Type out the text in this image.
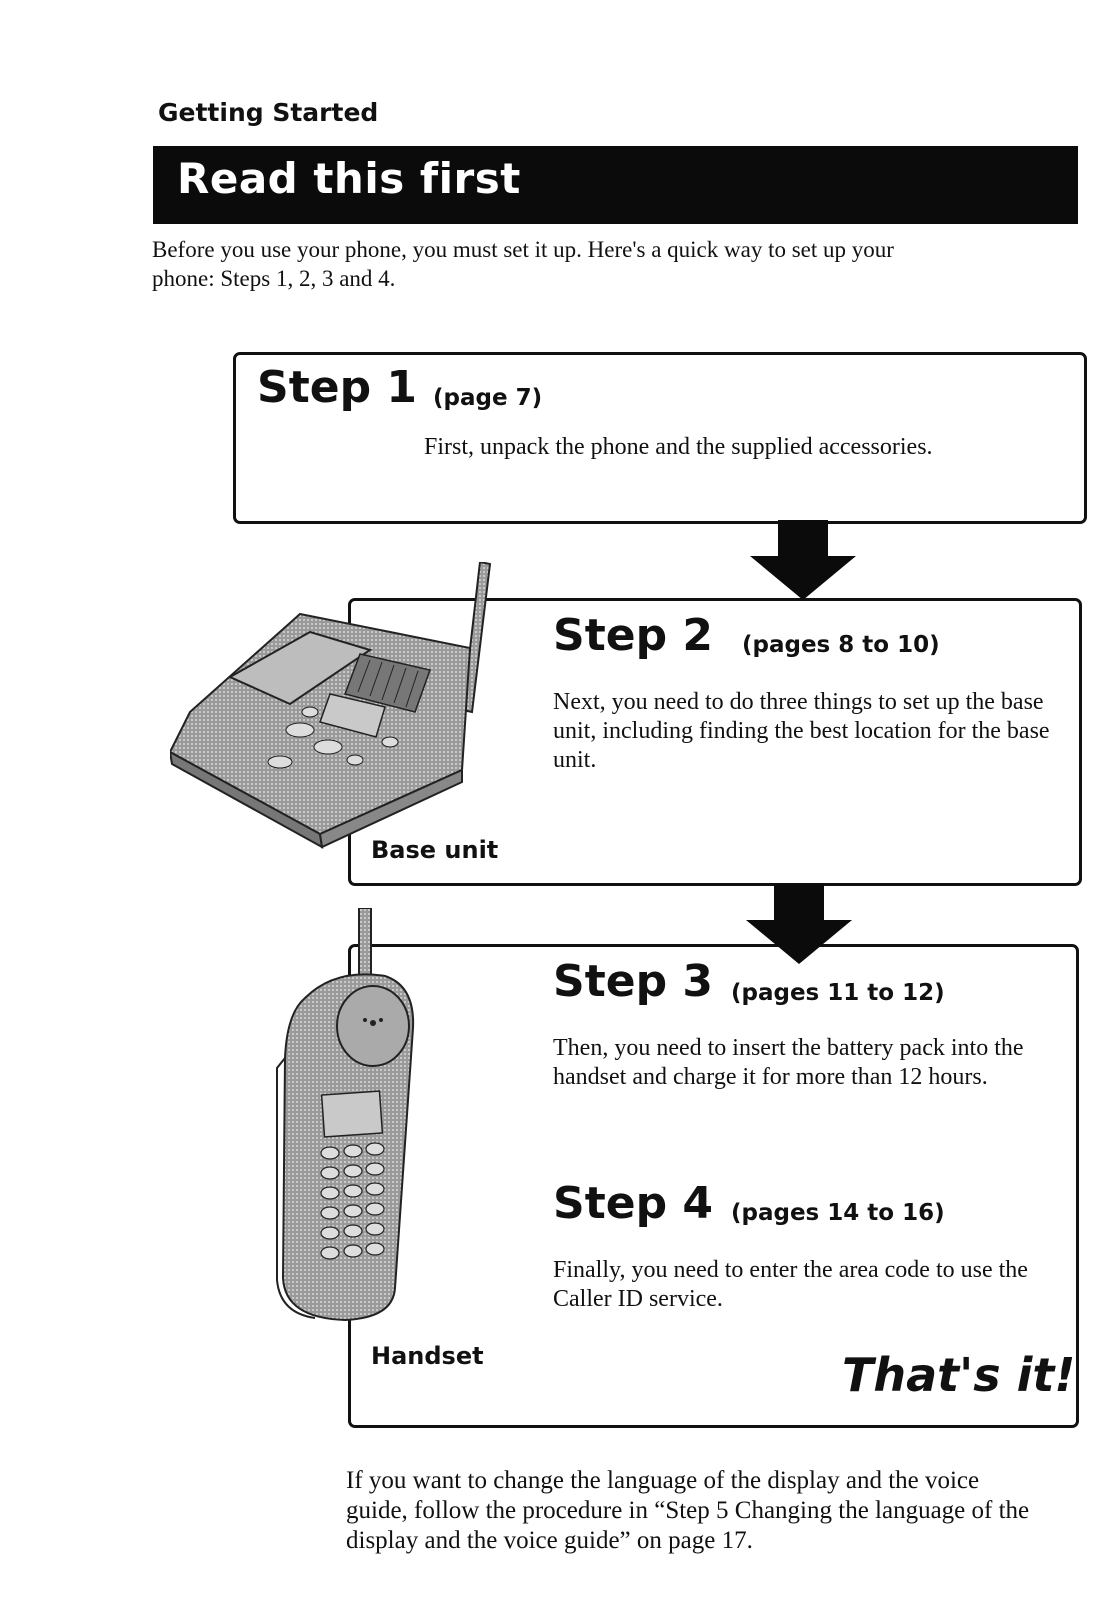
Getting Started
Read this first
Before you use your phone, you must set it up. Here's a quick way to set up your phone: Steps 1, 2, 3 and 4.
Step 1 (page 7)
First, unpack the phone and the supplied accessories.
Base unit
Step 2 (pages 8 to 10)
Next, you need to do three things to set up the base unit, including finding the best location for the base unit.
Step 3 (pages 11 to 12)
Then, you need to insert the battery pack into the handset and charge it for more than 12 hours.
Step 4 (pages 14 to 16)
Finally, you need to enter the area code to use the Caller ID service.
Handset	That's it!
If you want to change the language of the display and the voice guide, follow the procedure in “Step 5 Changing the language of the display and the voice guide” on page 17.
